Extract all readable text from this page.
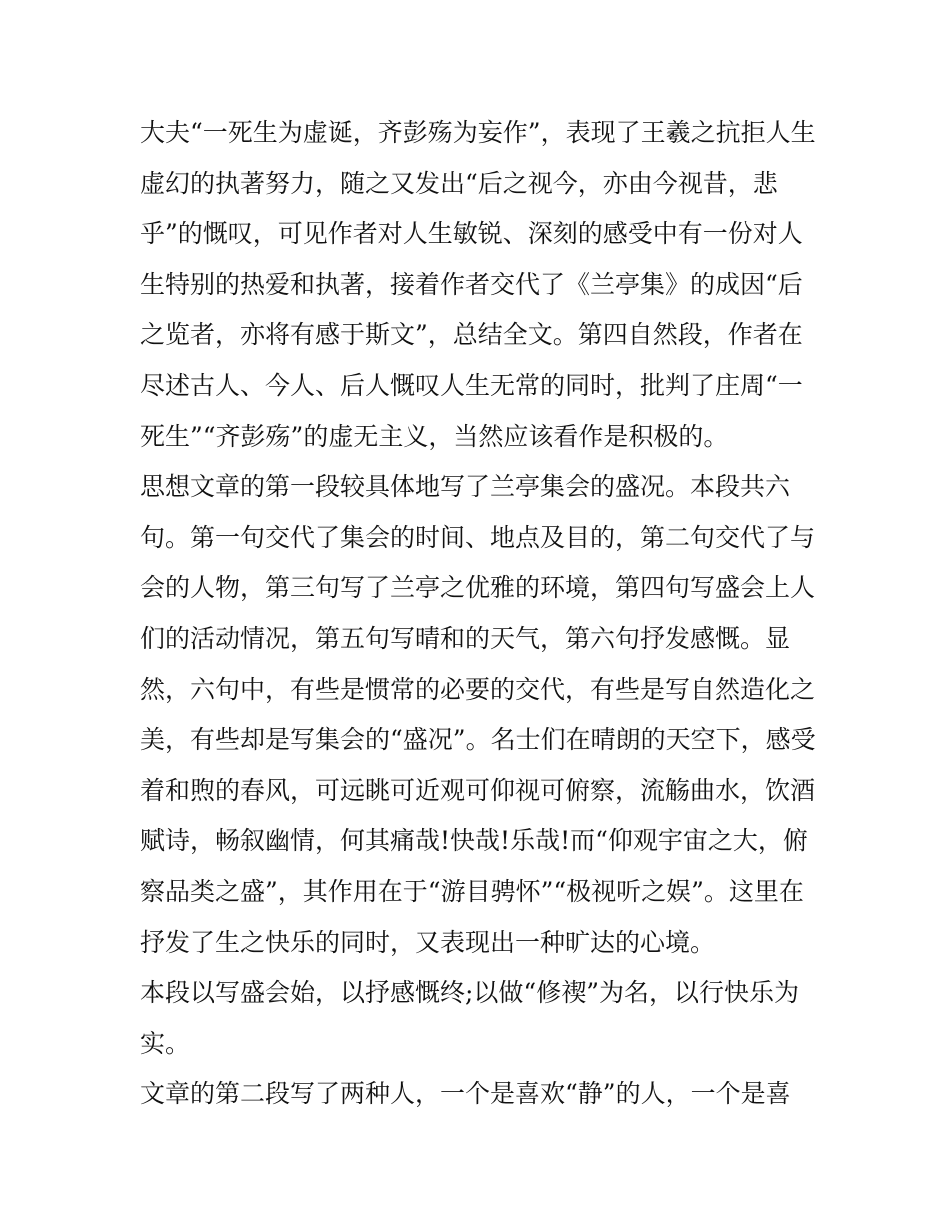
大夫“一死生为虚诞，齐彭殇为妄作”，表现了王羲之抗拒人生
虚幻的执著努力，随之又发出“后之视今，亦由今视昔，悲
乎”的慨叹，可见作者对人生敏锐、深刻的感受中有一份对人
生特别的热爱和执著，接着作者交代了《兰亭集》的成因“后
之览者，亦将有感于斯文”，总结全文。第四自然段，作者在
尽述古人、今人、后人慨叹人生无常的同时，批判了庄周“一
死生”“齐彭殇”的虚无主义，当然应该看作是积极的。
思想文章的第一段较具体地写了兰亭集会的盛况。本段共六
句。第一句交代了集会的时间、地点及目的，第二句交代了与
会的人物，第三句写了兰亭之优雅的环境，第四句写盛会上人
们的活动情况，第五句写晴和的天气，第六句抒发感慨。显
然，六句中，有些是惯常的必要的交代，有些是写自然造化之
美，有些却是写集会的“盛况”。名士们在晴朗的天空下，感受
着和煦的春风，可远眺可近观可仰视可俯察，流觞曲水，饮酒
赋诗，畅叙幽情，何其痛哉!快哉!乐哉!而“仰观宇宙之大，俯
察品类之盛”，其作用在于“游目骋怀”“极视听之娱”。这里在
抒发了生之快乐的同时，又表现出一种旷达的心境。
本段以写盛会始，以抒感慨终;以做“修禊”为名，以行快乐为
实。
文章的第二段写了两种人，一个是喜欢“静”的人，一个是喜
